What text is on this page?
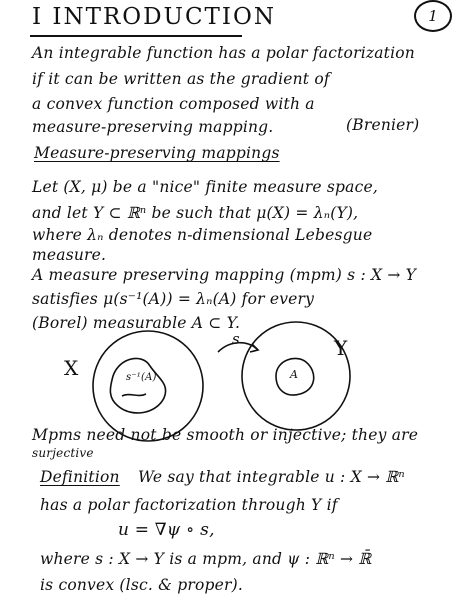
I INTRODUCTION	1
An integrable function has a polar factorization
if it can be written as the gradient of
a convex function composed with a
measure-preserving mapping.	(Brenier)
Measure-preserving mappings
Let (X, μ) be a "nice" finite measure space,
and let Y ⊂ ℝⁿ be such that μ(X) = λₙ(Y),
where λₙ denotes n-dimensional Lebesgue
measure.
A measure preserving mapping (mpm) s : X → Y
satisfies μ(s⁻¹(A)) = λₙ(A) for every
(Borel) measurable A ⊂ Y.
X
s	Y
s⁻¹(A)	A
Mpms need not be smooth or injective; they are
surjective
Definition We say that integrable u : X → ℝⁿ
has a polar factorization through Y if
u = ∇ψ ∘ s,
where s : X → Y is a mpm, and ψ : ℝⁿ → ℝ̄
is convex (lsc. & proper).
